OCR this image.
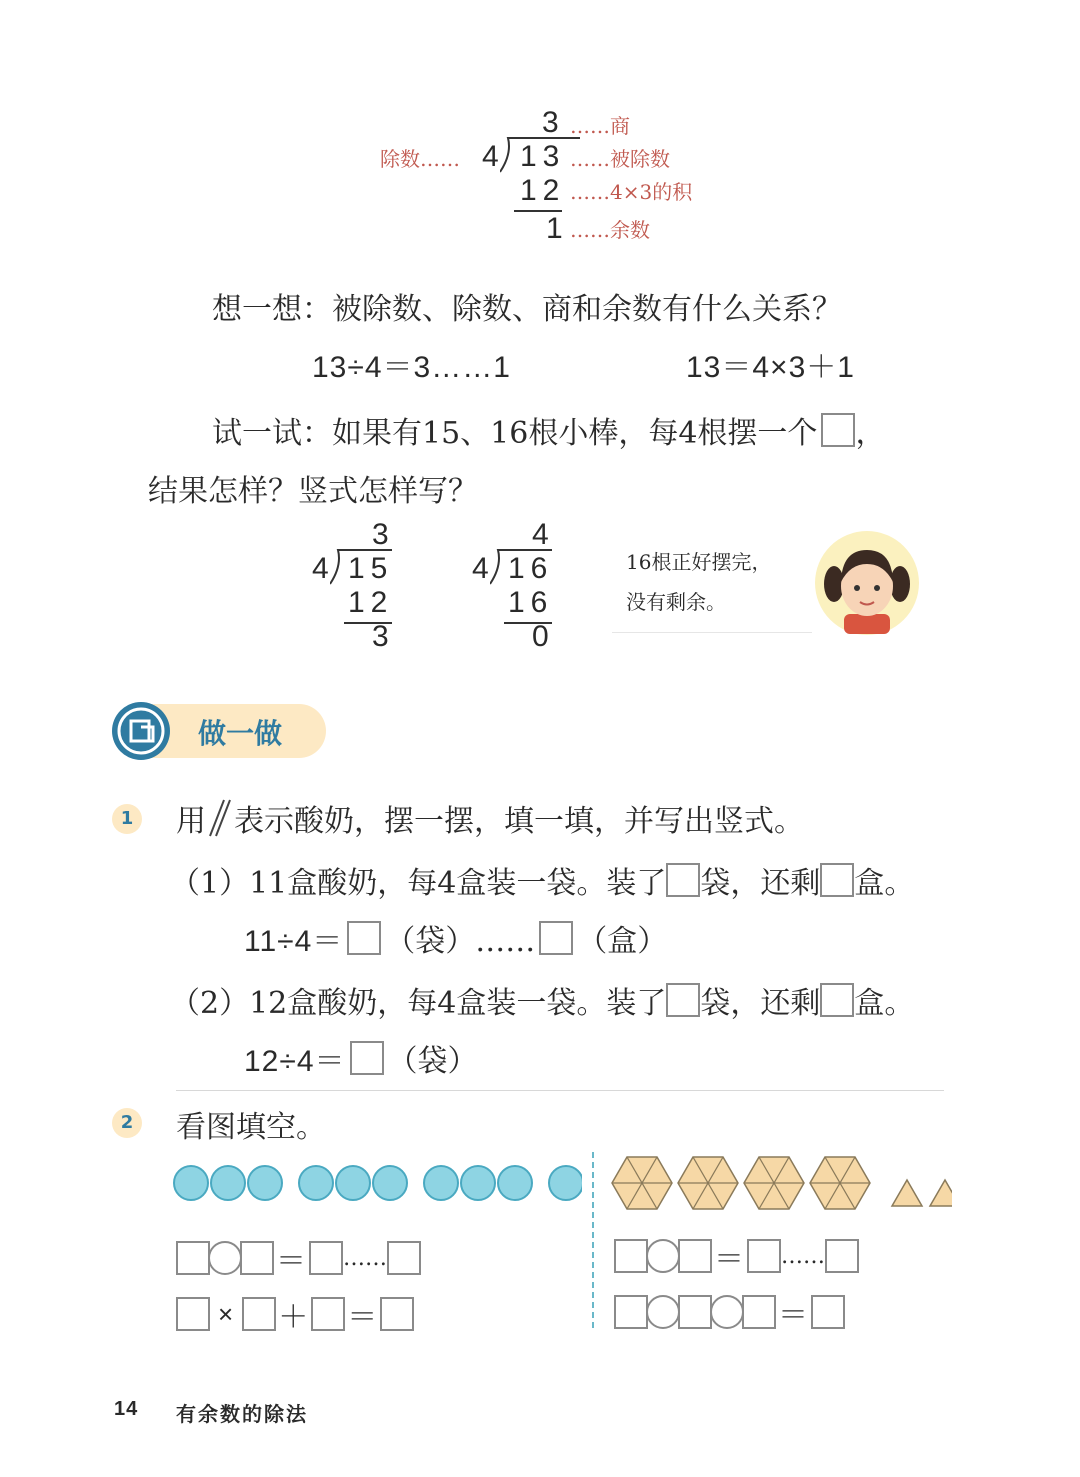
3
4 13
12
1
……商
除数……	……被除数
……4×3的积
……余数
想一想：被除数、除数、商和余数有什么关系？
13÷4＝3……1	13＝4×3＋1
试一试：如果有15、16根小棒，每4根摆一个 ，
结果怎样？竖式怎样写？
3
4 15
12
3
4
4 16
16
0
16根正好摆完，
没有剩余。
做一做
1 用 表示酸奶，摆一摆，填一填，并写出竖式。
（1） 11盒酸奶，每4盒装一袋。装了 袋，还剩 盒。
11÷4＝ （袋）…… （盒）
（2） 12盒酸奶，每4盒装一袋。装了 袋，还剩 盒。
12÷4＝ （袋）
2 看图填空。
＝ ……
× ＋ ＝
＝ ……
＝
14 有余数的除法
